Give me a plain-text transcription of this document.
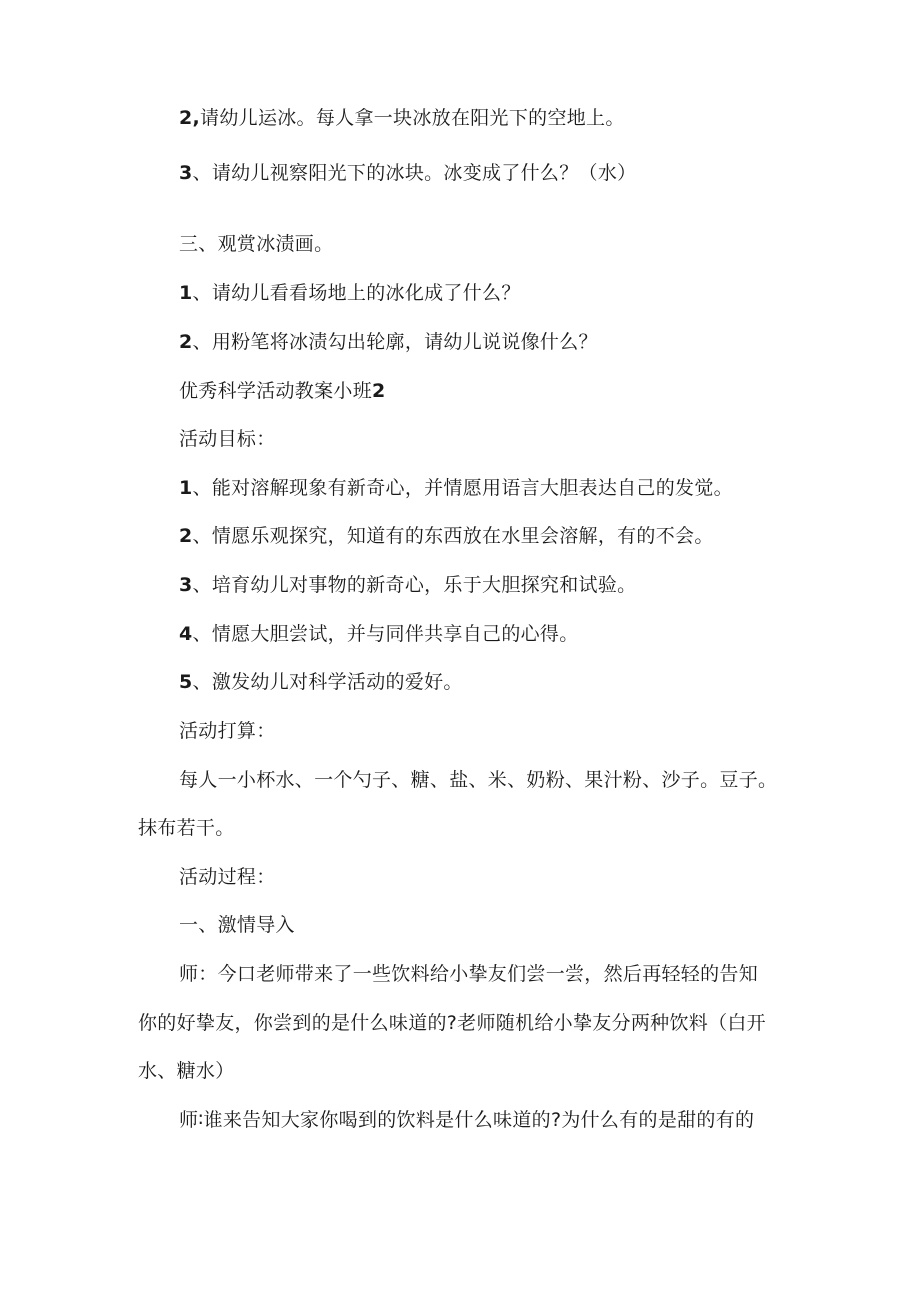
2,请幼儿运冰。每人拿一块冰放在阳光下的空地上。
3、请幼儿视察阳光下的冰块。冰变成了什么？（水）
三、观赏冰渍画。
1、请幼儿看看场地上的冰化成了什么？
2、用粉笔将冰渍勾出轮廓，请幼儿说说像什么？
优秀科学活动教案小班2
活动目标：
1、能对溶解现象有新奇心，并情愿用语言大胆表达自己的发觉。
2、情愿乐观探究，知道有的东西放在水里会溶解，有的不会。
3、培育幼儿对事物的新奇心，乐于大胆探究和试验。
4、情愿大胆尝试，并与同伴共享自己的心得。
5、激发幼儿对科学活动的爱好。
活动打算：
每人一小杯水、一个勺子、糖、盐、米、奶粉、果汁粉、沙子。豆子。
抹布若干。
活动过程：
一、激情导入
师：今口老师带来了一些饮料给小挚友们尝一尝，然后再轻轻的告知
你的好挚友，你尝到的是什么味道的?老师随机给小挚友分两种饮料（白开
水、糖水）
师∶谁来告知大家你喝到的饮料是什么味道的?为什么有的是甜的有的
